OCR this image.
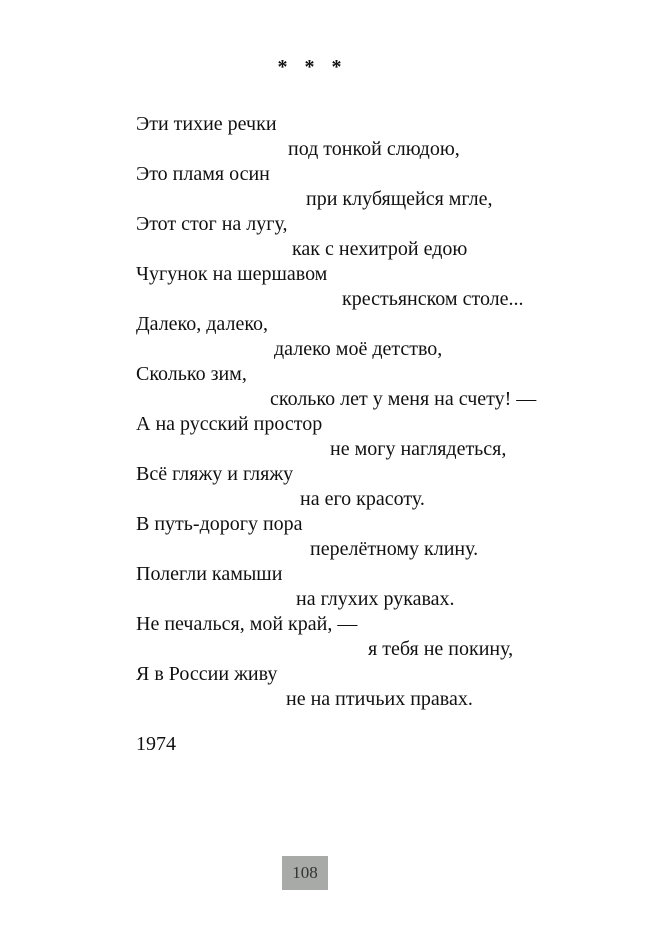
* * *
Эти тихие речки
под тонкой слюдою,
Это пламя осин
при клубящейся мгле,
Этот стог на лугу,
как с нехитрой едою
Чугунок на шершавом
крестьянском столе...
Далеко, далеко,
далеко моё детство,
Сколько зим,
сколько лет у меня на счету! —
А на русский простор
не могу наглядеться,
Всё гляжу и гляжу
на его красоту.
В путь-дорогу пора
перелётному клину.
Полегли камыши
на глухих рукавах.
Не печалься, мой край, —
я тебя не покину,
Я в России живу
не на птичьих правах.
1974
108
